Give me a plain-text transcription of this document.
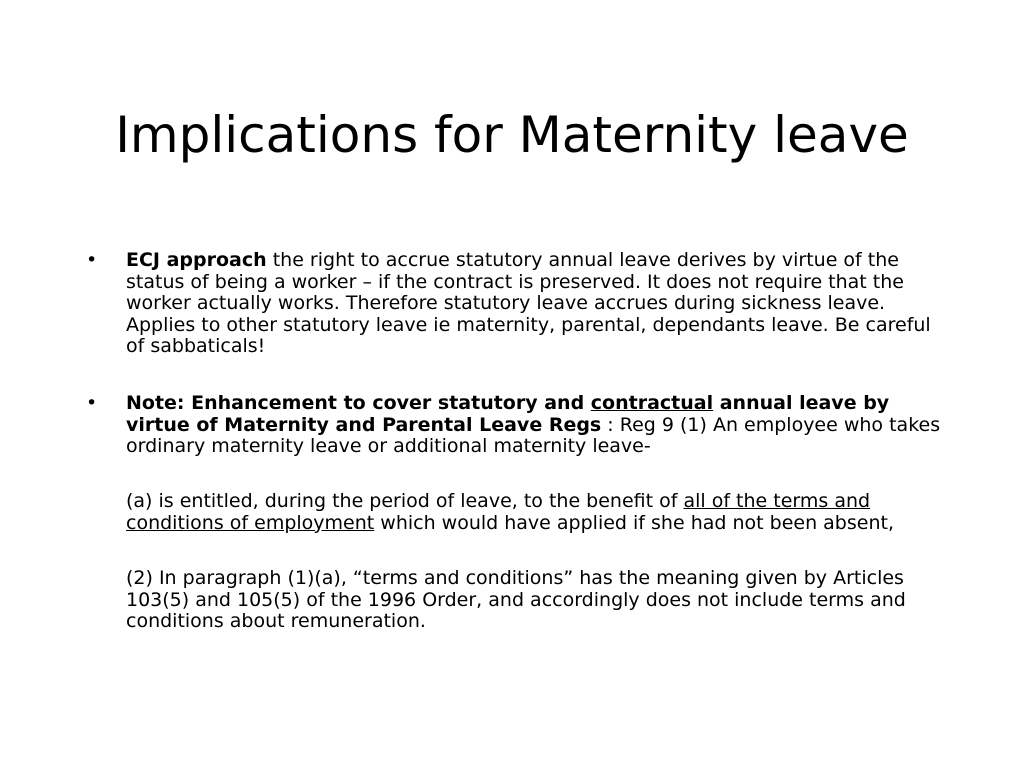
Implications for Maternity leave
• ECJ approach the right to accrue statutory annual leave derives by virtue of the status of being a worker – if the contract is preserved. It does not require that the worker actually works. Therefore statutory leave accrues during sickness leave. Applies to other statutory leave ie maternity, parental, dependants leave. Be careful of sabbaticals!

• Note: Enhancement to cover statutory and contractual annual leave by virtue of Maternity and Parental Leave Regs : Reg 9 (1) An employee who takes ordinary maternity leave or additional maternity leave-

(a) is entitled, during the period of leave, to the benefit of all of the terms and conditions of employment which would have applied if she had not been absent,

(2) In paragraph (1)(a), “terms and conditions” has the meaning given by Articles 103(5) and 105(5) of the 1996 Order, and accordingly does not include terms and conditions about remuneration.
